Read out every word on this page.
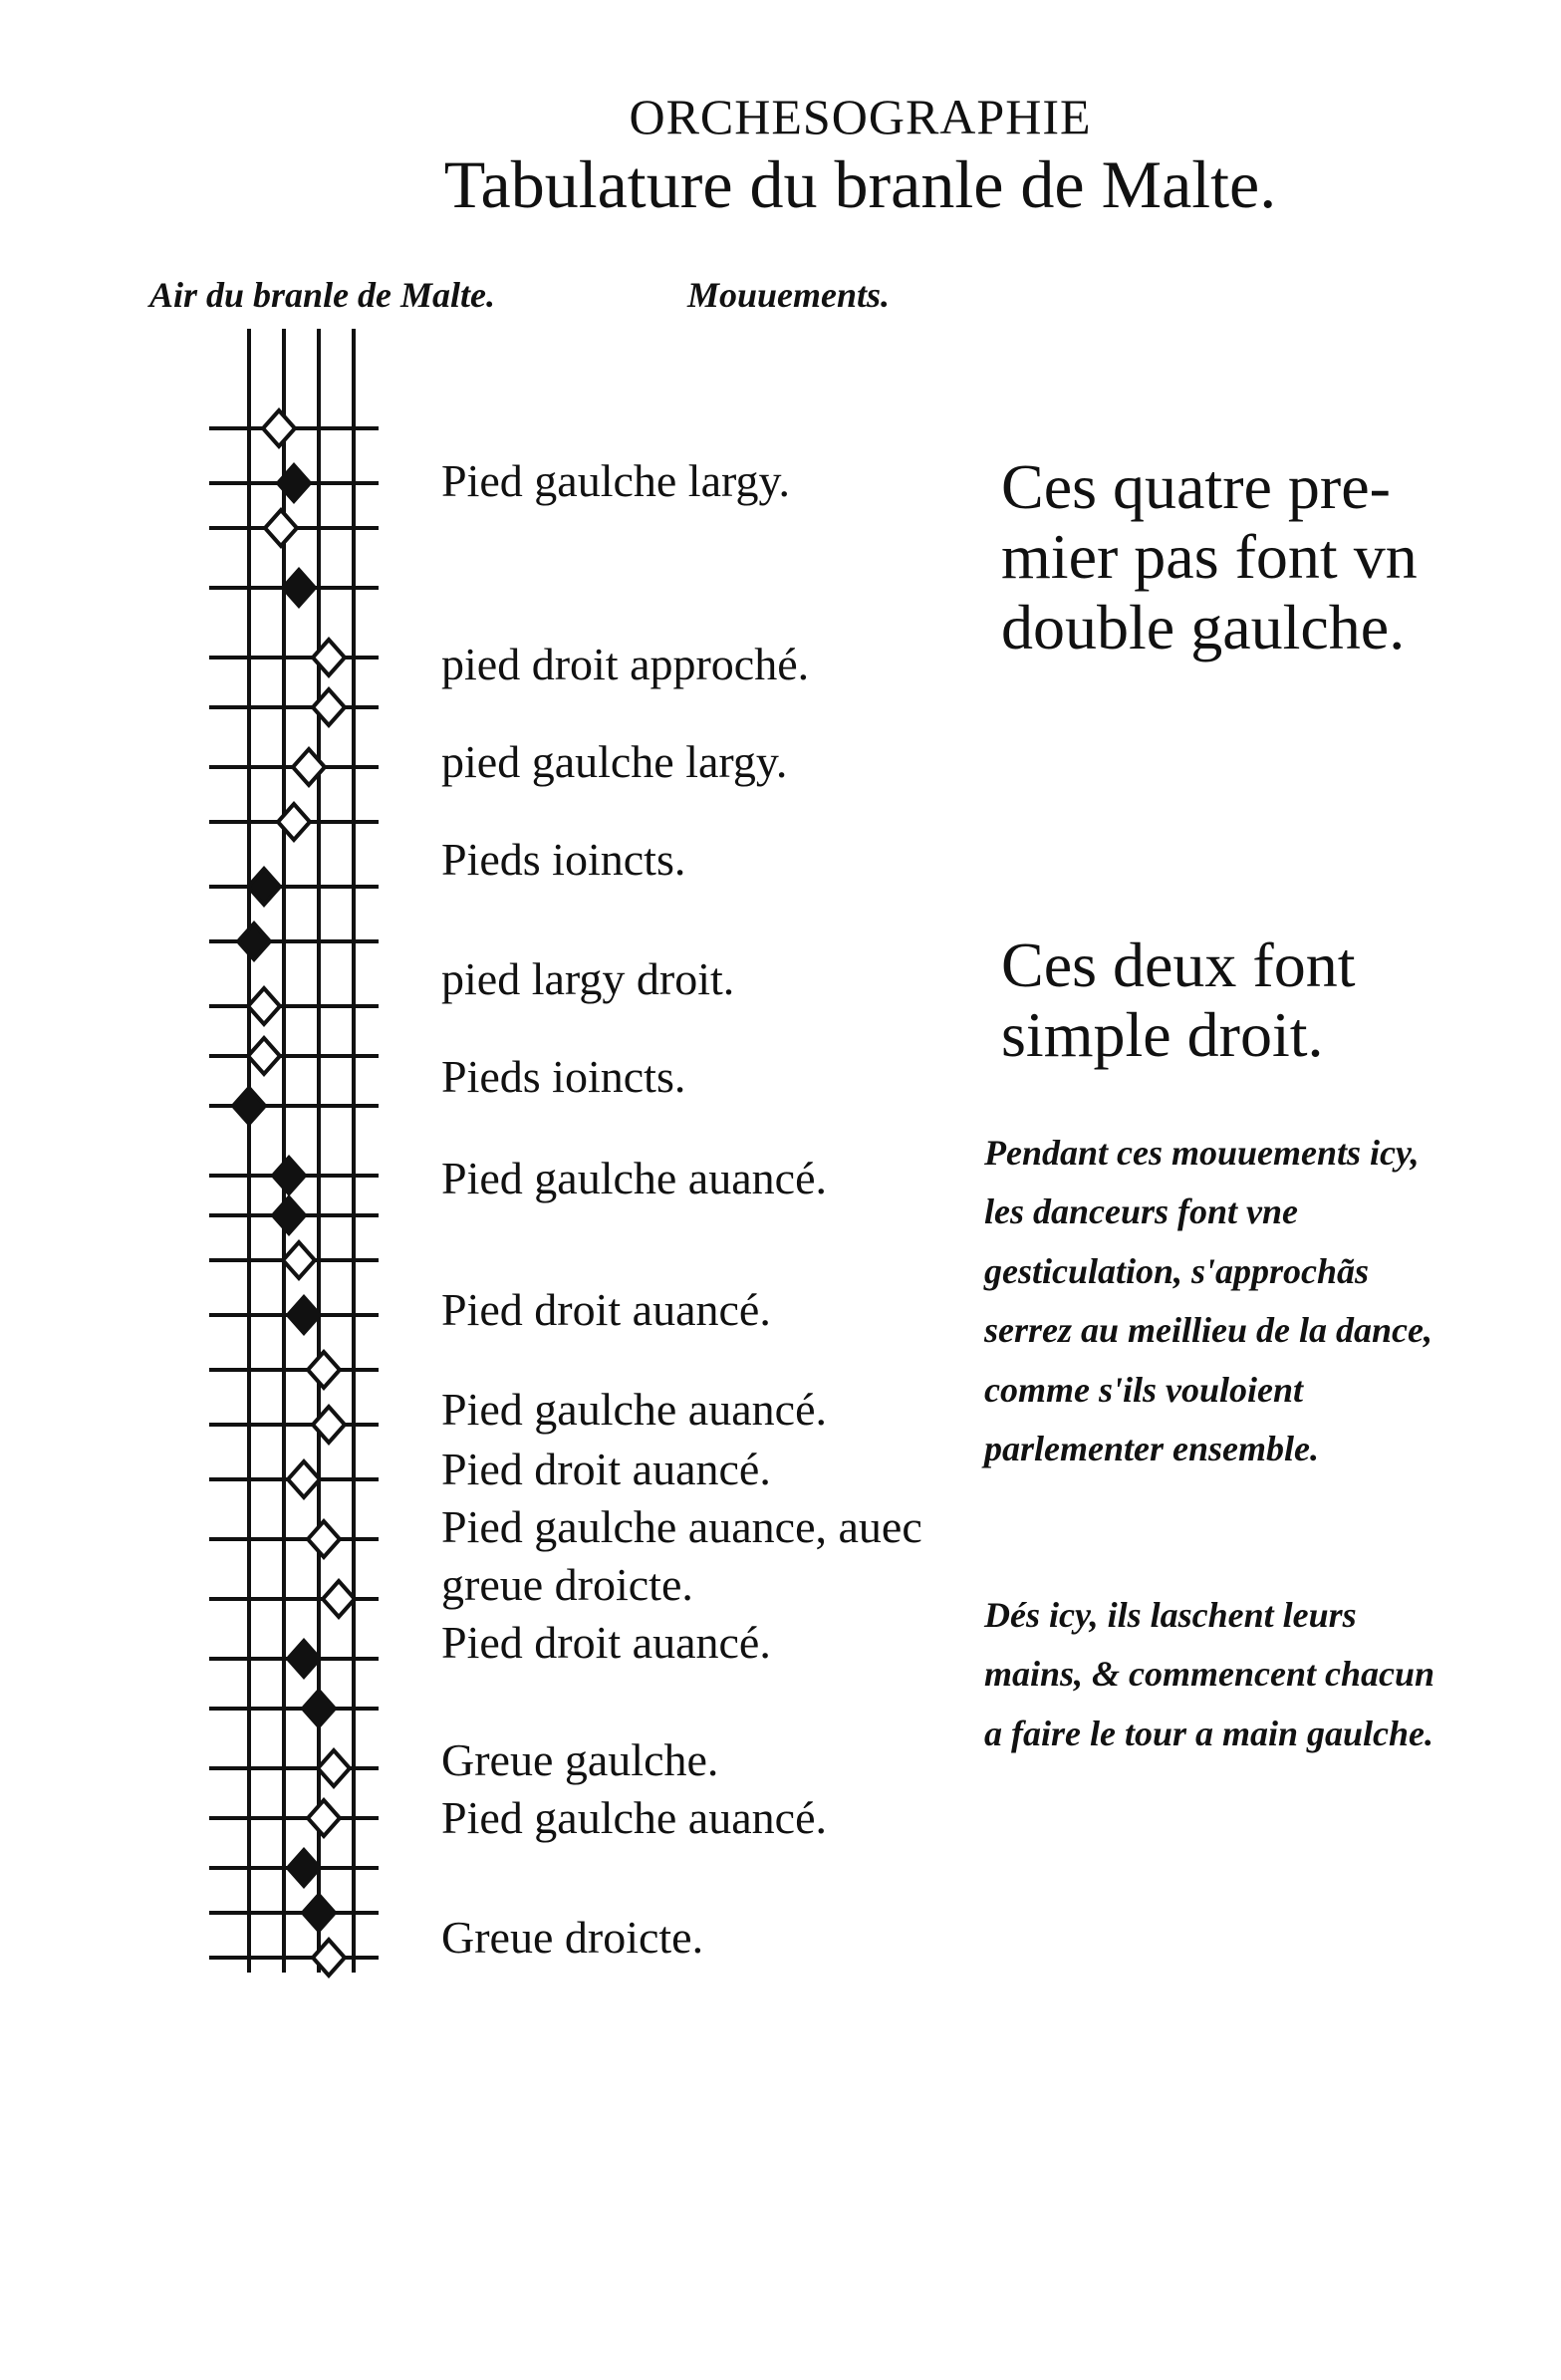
ORCHESOGRAPHIE
Tabulature du branle de Malte.
Air du branle de Malte.	Mouuements.
Pied gaulche largy.
pied droit approché.
pied gaulche largy.
Pieds ioincts.
pied largy droit.
Pieds ioincts.
Pied gaulche auancé.
Pied droit auancé.
Pied gaulche auancé.
Pied droit auancé.
Pied gaulche auance, auec
greue droicte.
Pied droit auancé.
Greue gaulche.
Pied gaulche auancé.
Greue droicte.
Ces quatre pre-
mier pas font vn
double gaulche.
Ces deux font
simple droit.
Pendant ces mouuements icy, les danceurs font vne gesticulation, s'approchãs serrez au meillieu de la dance, comme s'ils vouloient parlementer ensemble.
Dés icy, ils laschent leurs mains, & commencent chacun a faire le tour a main gaulche.
